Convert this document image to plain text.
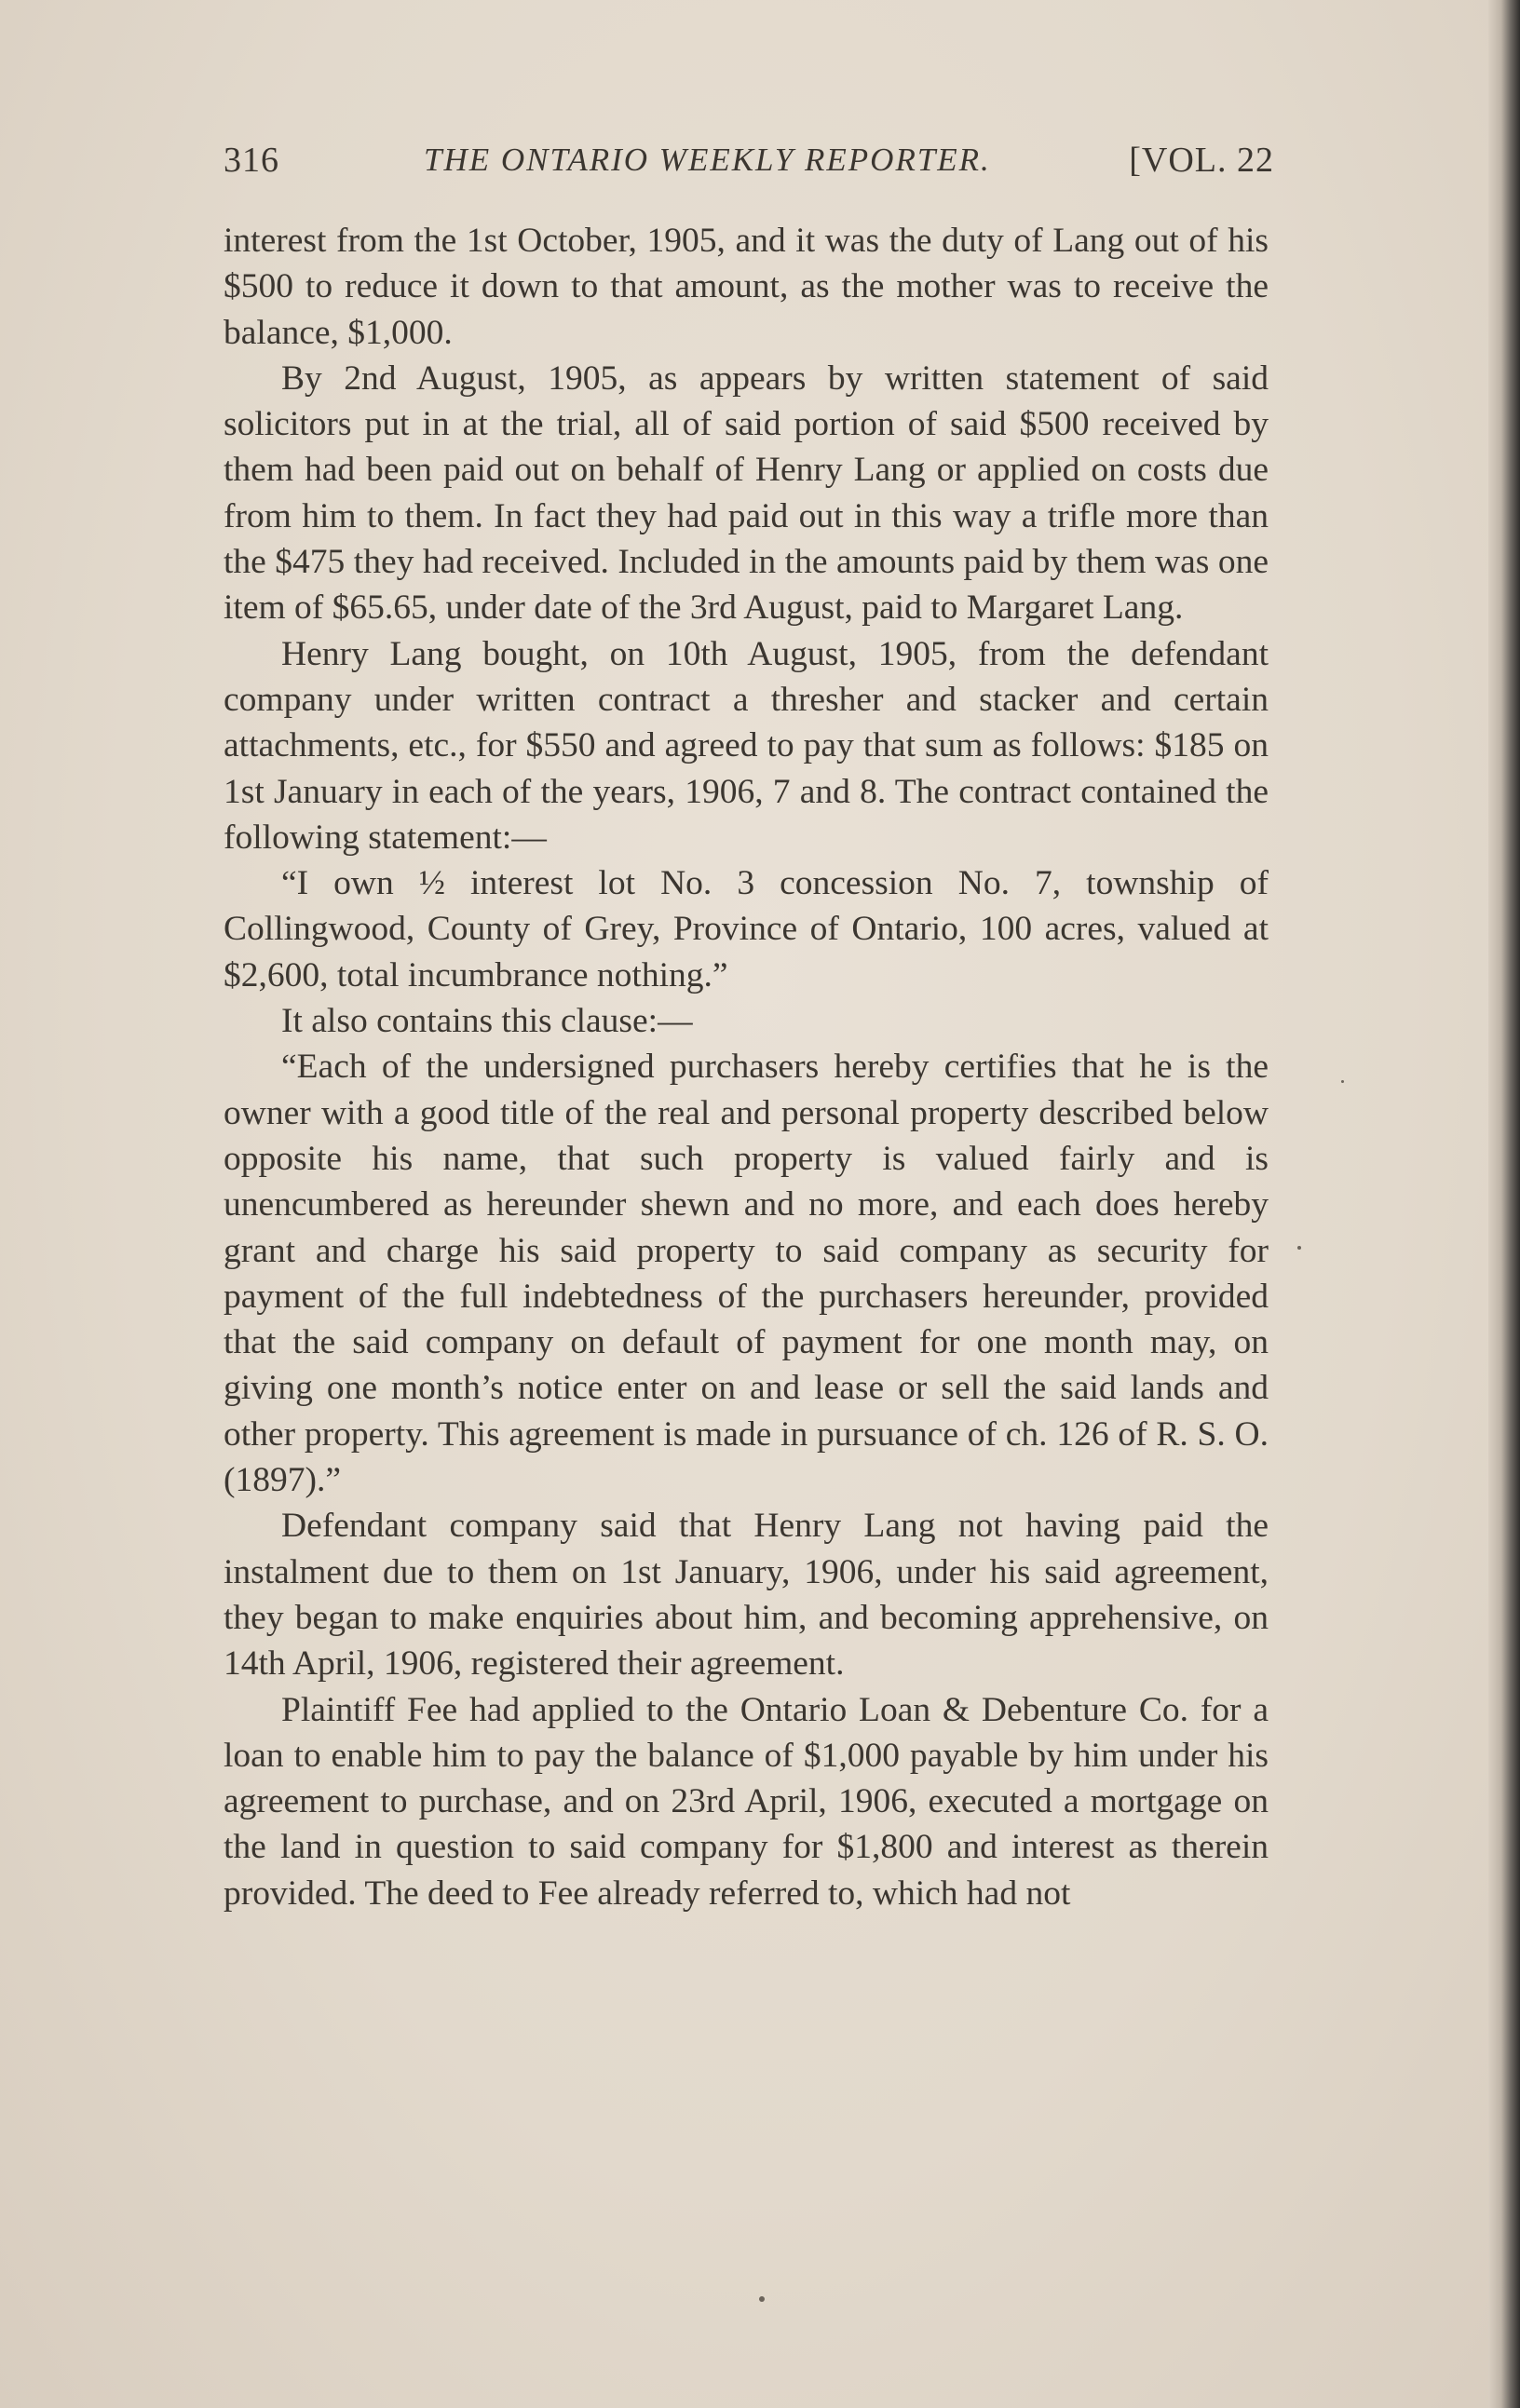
316	THE ONTARIO WEEKLY REPORTER.	[VOL. 22

interest from the 1st October, 1905, and it was the duty of Lang out of his $500 to reduce it down to that amount, as the mother was to receive the balance, $1,000.

By 2nd August, 1905, as appears by written statement of said solicitors put in at the trial, all of said portion of said $500 received by them had been paid out on behalf of Henry Lang or applied on costs due from him to them. In fact they had paid out in this way a trifle more than the $475 they had received. Included in the amounts paid by them was one item of $65.65, under date of the 3rd August, paid to Margaret Lang.

Henry Lang bought, on 10th August, 1905, from the defendant company under written contract a thresher and stacker and certain attachments, etc., for $550 and agreed to pay that sum as follows: $185 on 1st January in each of the years, 1906, 7 and 8. The contract contained the following statement:—

“I own ½ interest lot No. 3 concession No. 7, township of Collingwood, County of Grey, Province of Ontario, 100 acres, valued at $2,600, total incumbrance nothing.”

It also contains this clause:—

“Each of the undersigned purchasers hereby certifies that he is the owner with a good title of the real and personal property described below opposite his name, that such property is valued fairly and is unencumbered as hereunder shewn and no more, and each does hereby grant and charge his said property to said company as security for payment of the full indebtedness of the purchasers hereunder, provided that the said company on default of payment for one month may, on giving one month’s notice enter on and lease or sell the said lands and other property. This agreement is made in pursuance of ch. 126 of R. S. O. (1897).”

Defendant company said that Henry Lang not having paid the instalment due to them on 1st January, 1906, under his said agreement, they began to make enquiries about him, and becoming apprehensive, on 14th April, 1906, registered their agreement.

Plaintiff Fee had applied to the Ontario Loan & Debenture Co. for a loan to enable him to pay the balance of $1,000 payable by him under his agreement to purchase, and on 23rd April, 1906, executed a mortgage on the land in question to said company for $1,800 and interest as therein provided. The deed to Fee already referred to, which had not
